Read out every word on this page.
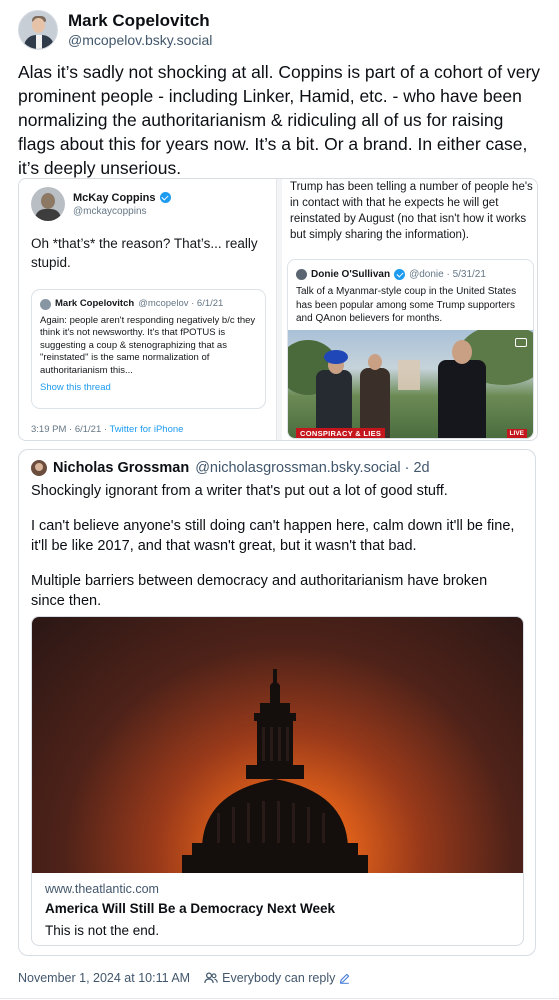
Mark Copelovitch
@mcopelov.bsky.social
Alas it’s sadly not shocking at all. Coppins is part of a cohort of very prominent people - including Linker, Hamid, etc. - who have been normalizing the authoritarianism & ridiculing all of us for raising flags about this for years now. It’s a bit. Or a brand. In either case, it’s deeply unserious.
McKay Coppins
@mckaycoppins
Oh *that’s* the reason? That’s... really stupid.
Mark Copelovitch @mcopelov · 6/1/21
Again: people aren't responding negatively b/c they think it's not newsworthy. It's that fPOTUS is suggesting a coup & stenographizing that as "reinstated" is the same normalization of authoritarianism this...
Show this thread
3:19 PM · 6/1/21 · Twitter for iPhone
Trump has been telling a number of people he's in contact with that he expects he will get reinstated by August (no that isn't how it works but simply sharing the information).
Donie O'Sullivan @donie · 5/31/21
Talk of a Myanmar-style coup in the United States has been popular among some Trump supporters and QAnon believers for months.
CONSPIRACY & LIES	LIVE
Nicholas Grossman @nicholasgrossman.bsky.social · 2d
Shockingly ignorant from a writer that's put out a lot of good stuff.
I can't believe anyone's still doing can't happen here, calm down it'll be fine, it'll be like 2017, and that wasn't great, but it wasn't that bad.
Multiple barriers between democracy and authoritarianism have broken since then.
www.theatlantic.com
America Will Still Be a Democracy Next Week
This is not the end.
November 1, 2024 at 10:11 AM	Everybody can reply
